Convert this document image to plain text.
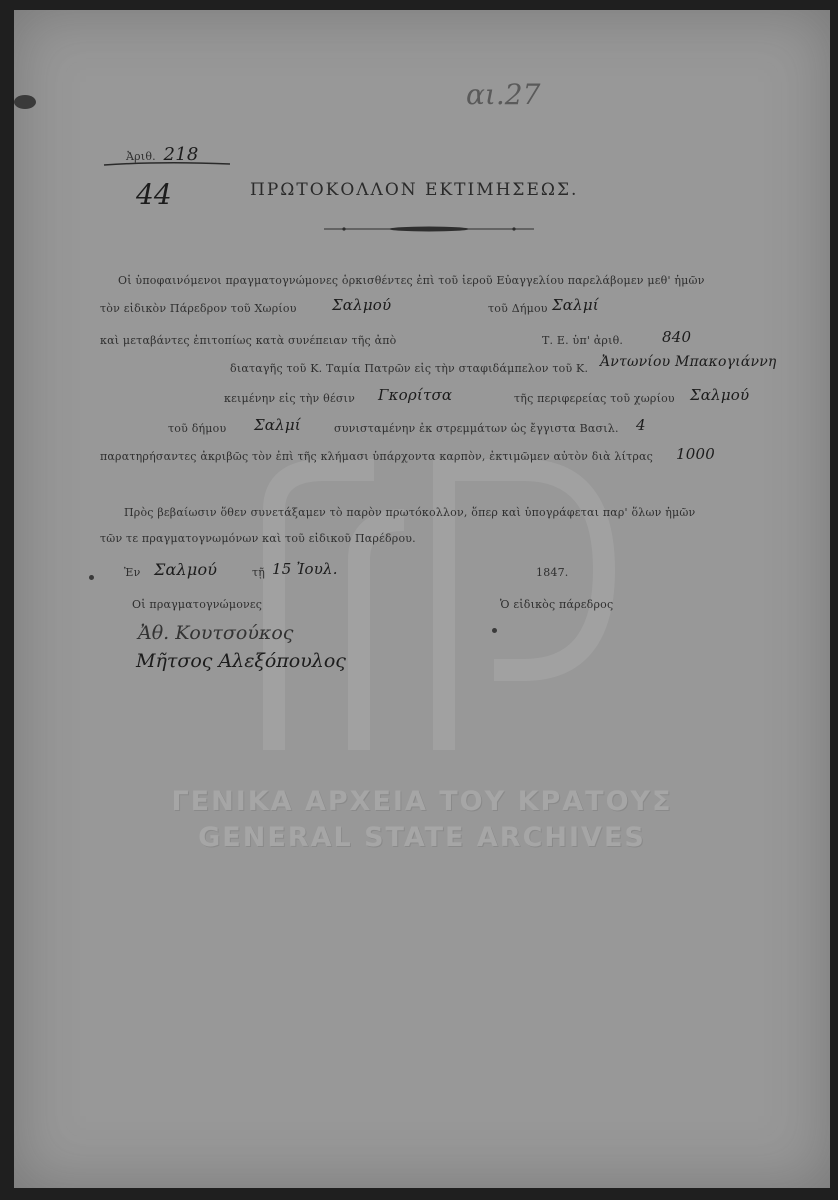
αι.27
Ἀριθ. 218
44	ΠΡΩΤΟΚΟΛΛΟΝ ΕΚΤΙΜΗΣΕΩΣ.
Οἱ ὑποφαινόμενοι πραγματογνώμονες ὁρκισθέντες ἐπὶ τοῦ ἱεροῦ Εὐαγγελίου παρελάβομεν μεθ' ἡμῶν
τὸν εἰδικὸν Πάρεδρον τοῦ Χωρίου Σαλμού	τοῦ Δήμου Σαλμί
καὶ μεταβάντες ἐπιτοπίως κατὰ συνέπειαν τῆς ἀπὸ	Τ. Ε. ὑπ' ἀριθ.	840
διαταγῆς τοῦ Κ. Ταμία Πατρῶν εἰς τὴν σταφιδάμπελον τοῦ Κ. Ἀντωνίου Μπακογιάννη
κειμένην εἰς τὴν θέσιν Γκορίτσα	τῆς περιφερείας τοῦ χωρίου Σαλμού
τοῦ δήμου Σαλμί	συνισταμένην ἐκ στρεμμάτων ὡς ἔγγιστα Βασιλ. 4
παρατηρήσαντες ἀκριβῶς τὸν ἐπὶ τῆς κλήμασι ὑπάρχοντα καρπὸν, ἐκτιμῶμεν αὐτὸν διὰ λίτρας 1000
Πρὸς βεβαίωσιν ὅθεν συνετάξαμεν τὸ παρὸν πρωτόκολλον, ὅπερ καὶ ὑπογράφεται παρ' ὅλων ἡμῶν
τῶν τε πραγματογνωμόνων καὶ τοῦ εἰδικοῦ Παρέδρου.
Ἐν Σαλμού	τῇ 15 Ἰουλ.	1847.
Οἱ πραγματογνώμονες	Ὁ εἰδικὸς πάρεδρος
Ἀθ. Κουτσούκος
Μῆτσος Αλεξόπουλος
ΓΕΝΙΚΑ ΑΡΧΕΙΑ ΤΟΥ ΚΡΑΤΟΥΣ
GENERAL STATE ARCHIVES
